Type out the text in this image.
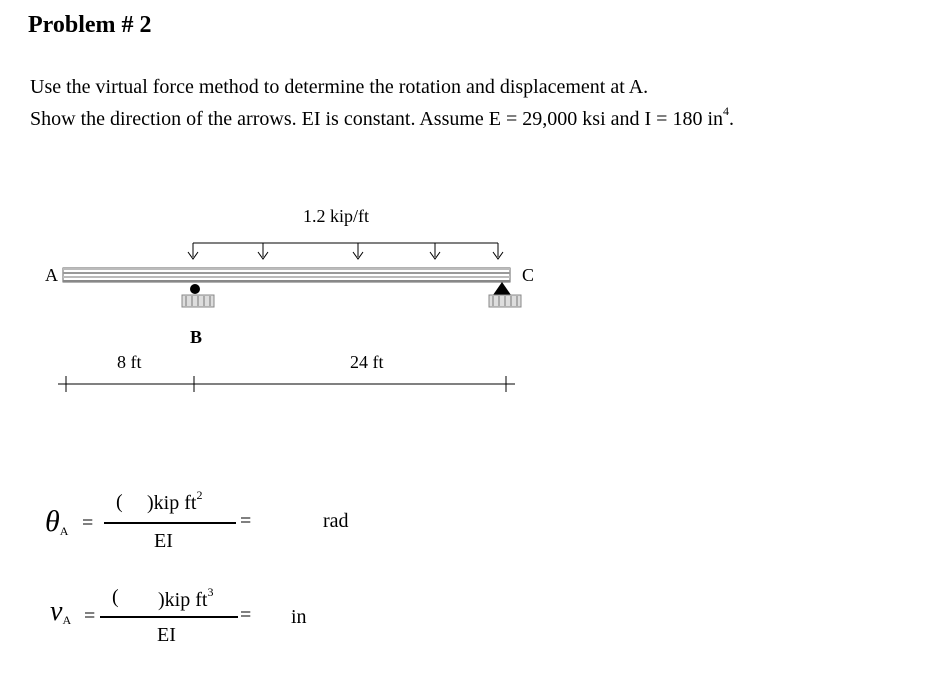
Problem # 2
Use the virtual force method to determine the rotation and displacement at A.
Show the direction of the arrows. EI is constant. Assume E = 29,000 ksi and I = 180 $in^4$.
1.2 kip/ft
A
B
C
8 ft	24 ft
$\theta_A$ =
( )kip $ft^2$
EI
=	rad
$v_A$ =
( )kip $ft^3$
EI
= in
